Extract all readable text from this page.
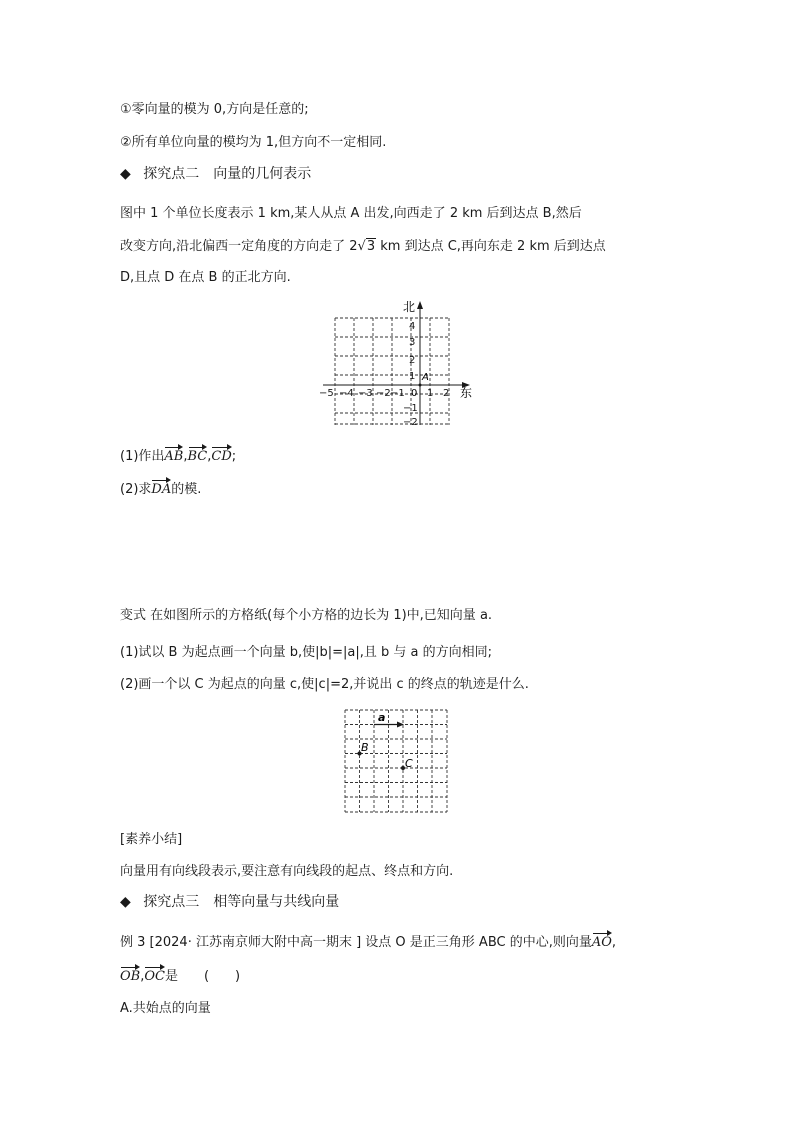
①零向量的模为 0,方向是任意的;
②所有单位向量的模均为 1,但方向不一定相同.
◆ 探究点二　向量的几何表示
图中 1 个单位长度表示 1 km,某人从点 A 出发,向西走了 2 km 后到达点 B,然后
改变方向,沿北偏西一定角度的方向走了 2√3 km 到达点 C,再向东走 2 km 后到达点
D,且点 D 在点 B 的正北方向.
北
东
A
0
−5 −4 −3 −2 −1 1 2
4
3
2
1
−1
−2
(1)作出AB,BC,CD;
(2)求DA的模.
变式 在如图所示的方格纸(每个小方格的边长为 1)中,已知向量 a.
(1)试以 B 为起点画一个向量 b,使|b|=|a|,且 b 与 a 的方向相同;
(2)画一个以 C 为起点的向量 c,使|c|=2,并说出 c 的终点的轨迹是什么.
a
B
C
[素养小结]
向量用有向线段表示,要注意有向线段的起点、终点和方向.
◆ 探究点三　相等向量与共线向量
例 3 [2024· 江苏南京师大附中高一期末 ] 设点 O 是正三角形 ABC 的中心,则向量AO,
OB,OC是　　(　　)
A.共始点的向量
